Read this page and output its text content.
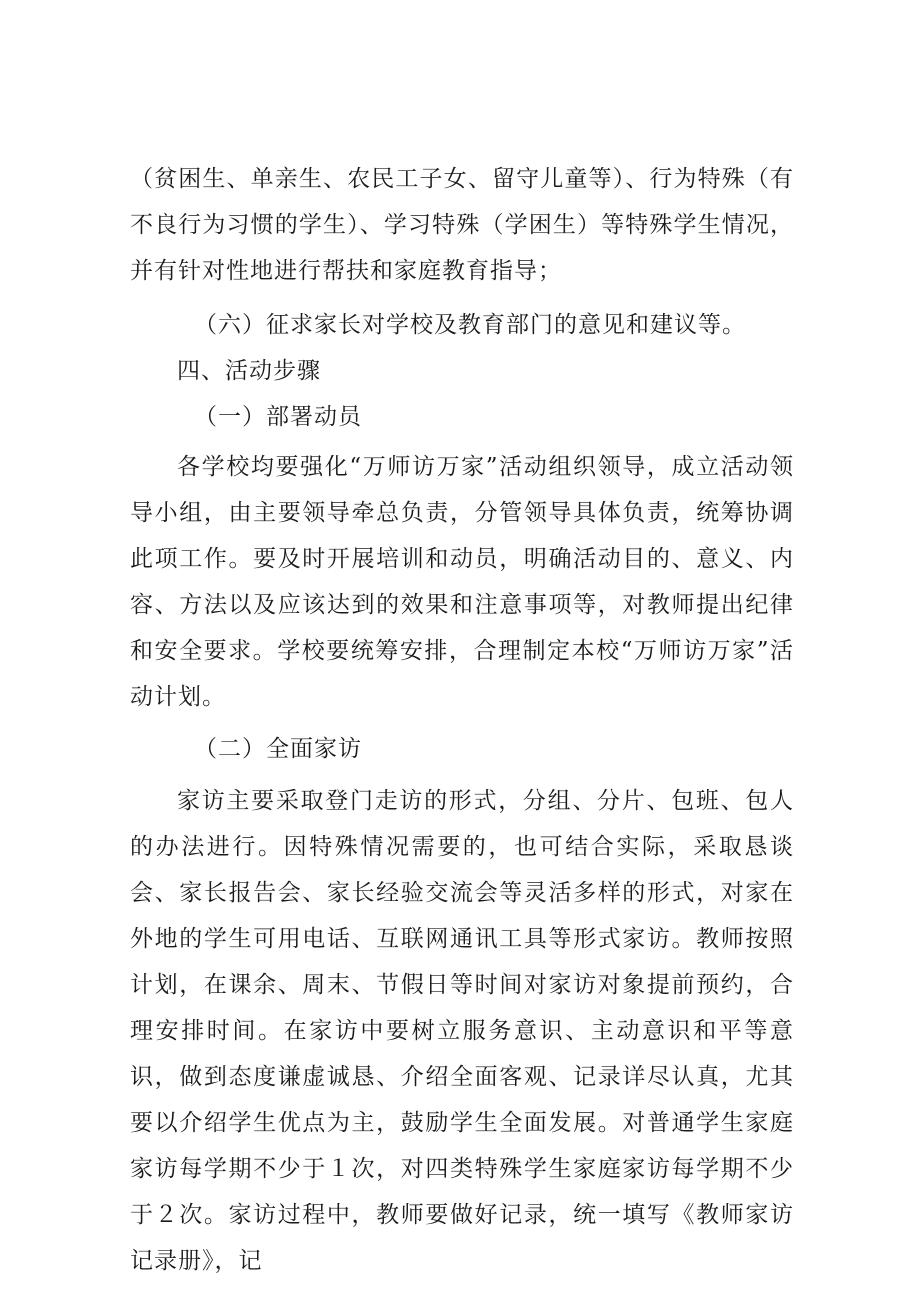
（贫困生、单亲生、农民工子女、留守儿童等）、行为特殊（有不良行为习惯的学生）、学习特殊（学困生）等特殊学生情况，并有针对性地进行帮扶和家庭教育指导；

（六）征求家长对学校及教育部门的意见和建议等。

四、活动步骤

（一）部署动员

各学校均要强化“万师访万家”活动组织领导，成立活动领导小组，由主要领导牵总负责，分管领导具体负责，统筹协调此项工作。要及时开展培训和动员，明确活动目的、意义、内容、方法以及应该达到的效果和注意事项等，对教师提出纪律和安全要求。学校要统筹安排，合理制定本校“万师访万家”活动计划。

（二）全面家访

家访主要采取登门走访的形式，分组、分片、包班、包人的办法进行。因特殊情况需要的，也可结合实际，采取恳谈会、家长报告会、家长经验交流会等灵活多样的形式，对家在外地的学生可用电话、互联网通讯工具等形式家访。教师按照计划，在课余、周末、节假日等时间对家访对象提前预约，合理安排时间。在家访中要树立服务意识、主动意识和平等意识，做到态度谦虚诚恳、介绍全面客观、记录详尽认真，尤其要以介绍学生优点为主，鼓励学生全面发展。对普通学生家庭家访每学期不少于１次，对四类特殊学生家庭家访每学期不少于２次。家访过程中，教师要做好记录，统一填写《教师家访记录册》，记
